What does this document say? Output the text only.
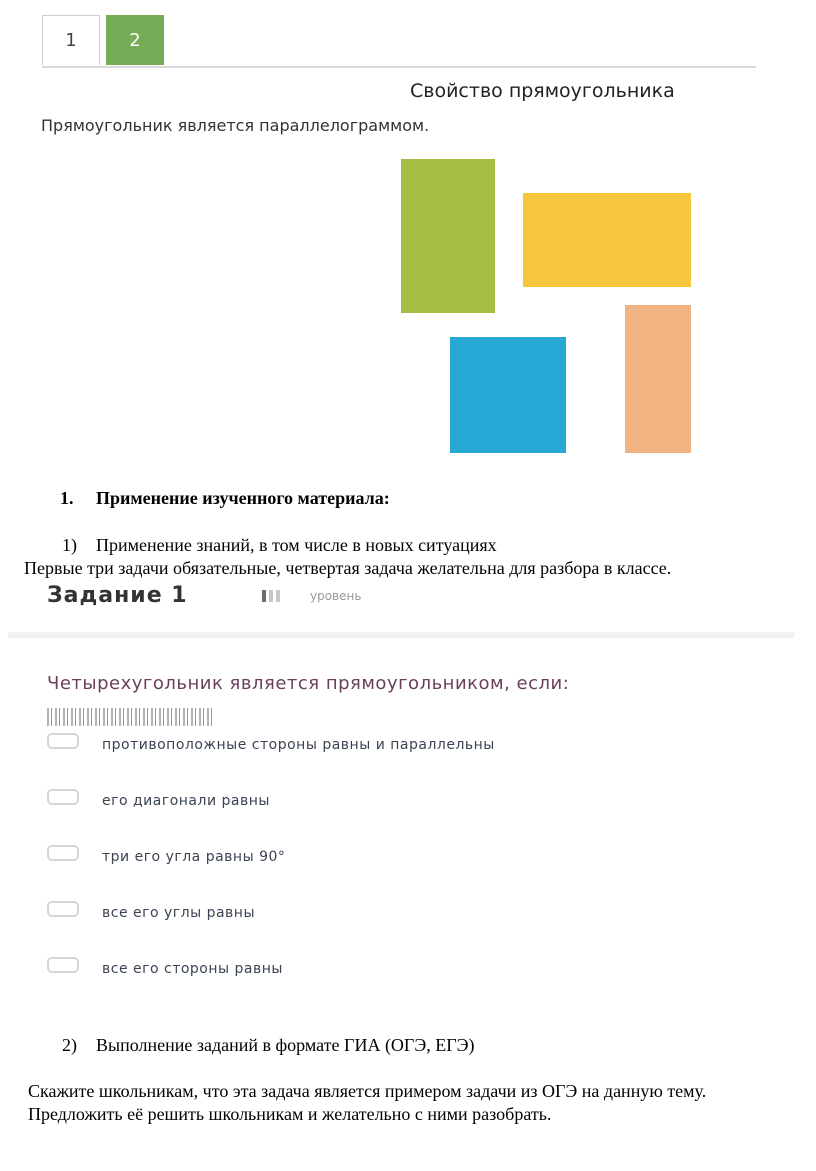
1	2
Свойство прямоугольника
Прямоугольник является параллелограммом.
1. Применение изученного материала:
1) Применение знаний, в том числе в новых ситуациях
Первые три задачи обязательные, четвертая задача желательна для разбора в классе.
Задание 1	уровень
Четырехугольник является прямоугольником, если:
противоположные стороны равны и параллельны
его диагонали равны
три его угла равны 90°
все его углы равны
все его стороны равны
2) Выполнение заданий в формате ГИА (ОГЭ, ЕГЭ)
Скажите школьникам, что эта задача является примером задачи из ОГЭ на данную тему.
Предложить её решить школьникам и желательно с ними разобрать.
